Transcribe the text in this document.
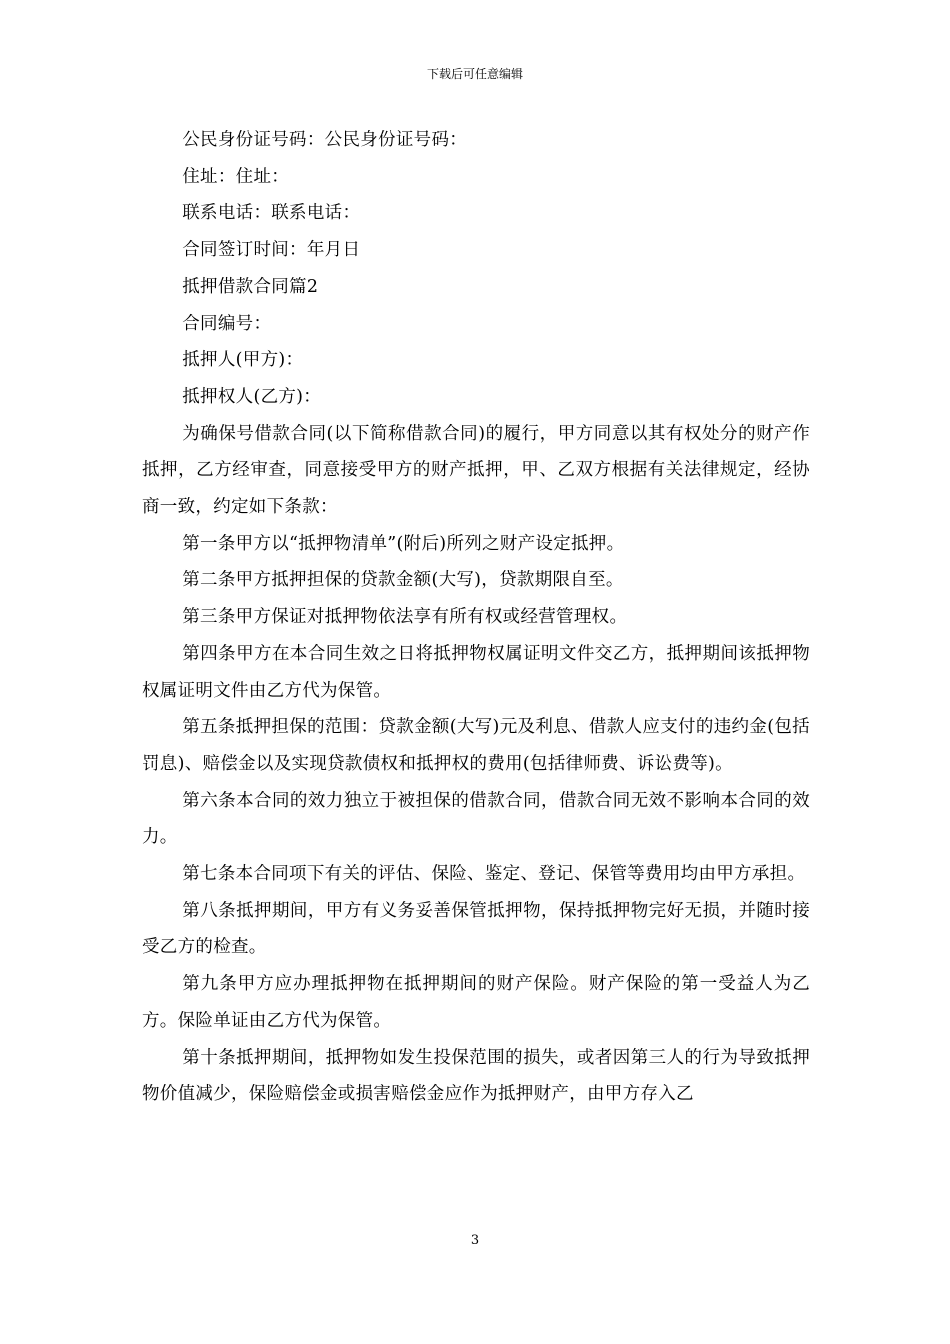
下载后可任意编辑

公民身份证号码：公民身份证号码：

住址：住址：

联系电话：联系电话：

合同签订时间：年月日

抵押借款合同篇2

合同编号：

抵押人(甲方)：

抵押权人(乙方)：

为确保号借款合同(以下简称借款合同)的履行，甲方同意以其有权处分的财产作抵押，乙方经审查，同意接受甲方的财产抵押，甲、乙双方根据有关法律规定，经协商一致，约定如下条款：

第一条甲方以“抵押物清单”(附后)所列之财产设定抵押。

第二条甲方抵押担保的贷款金额(大写)，贷款期限自至。

第三条甲方保证对抵押物依法享有所有权或经营管理权。

第四条甲方在本合同生效之日将抵押物权属证明文件交乙方，抵押期间该抵押物权属证明文件由乙方代为保管。

第五条抵押担保的范围：贷款金额(大写)元及利息、借款人应支付的违约金(包括罚息)、赔偿金以及实现贷款债权和抵押权的费用(包括律师费、诉讼费等)。

第六条本合同的效力独立于被担保的借款合同，借款合同无效不影响本合同的效力。

第七条本合同项下有关的评估、保险、鉴定、登记、保管等费用均由甲方承担。

第八条抵押期间，甲方有义务妥善保管抵押物，保持抵押物完好无损，并随时接受乙方的检查。

第九条甲方应办理抵押物在抵押期间的财产保险。财产保险的第一受益人为乙方。保险单证由乙方代为保管。

第十条抵押期间，抵押物如发生投保范围的损失，或者因第三人的行为导致抵押物价值减少，保险赔偿金或损害赔偿金应作为抵押财产，由甲方存入乙

3
